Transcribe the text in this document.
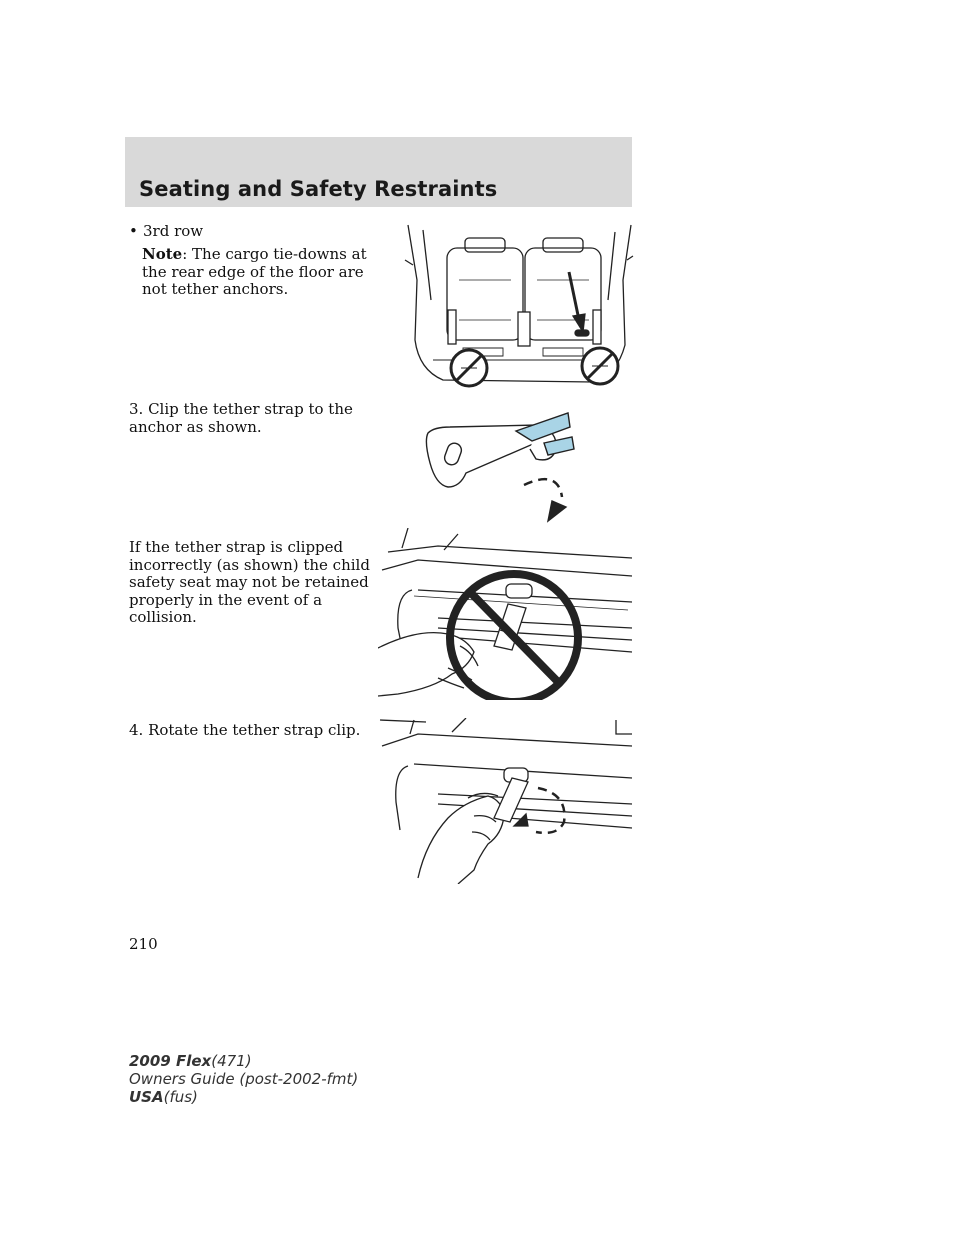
Seating and Safety Restraints
• 3rd row

Note: The cargo tie-downs at the rear edge of the floor are not tether anchors.

3. Clip the tether strap to the anchor as shown.

If the tether strap is clipped incorrectly (as shown) the child safety seat may not be retained properly in the event of a collision.

4. Rotate the tether strap clip.

210
2009 Flex(471)
Owners Guide (post-2002-fmt)
USA(fus)
